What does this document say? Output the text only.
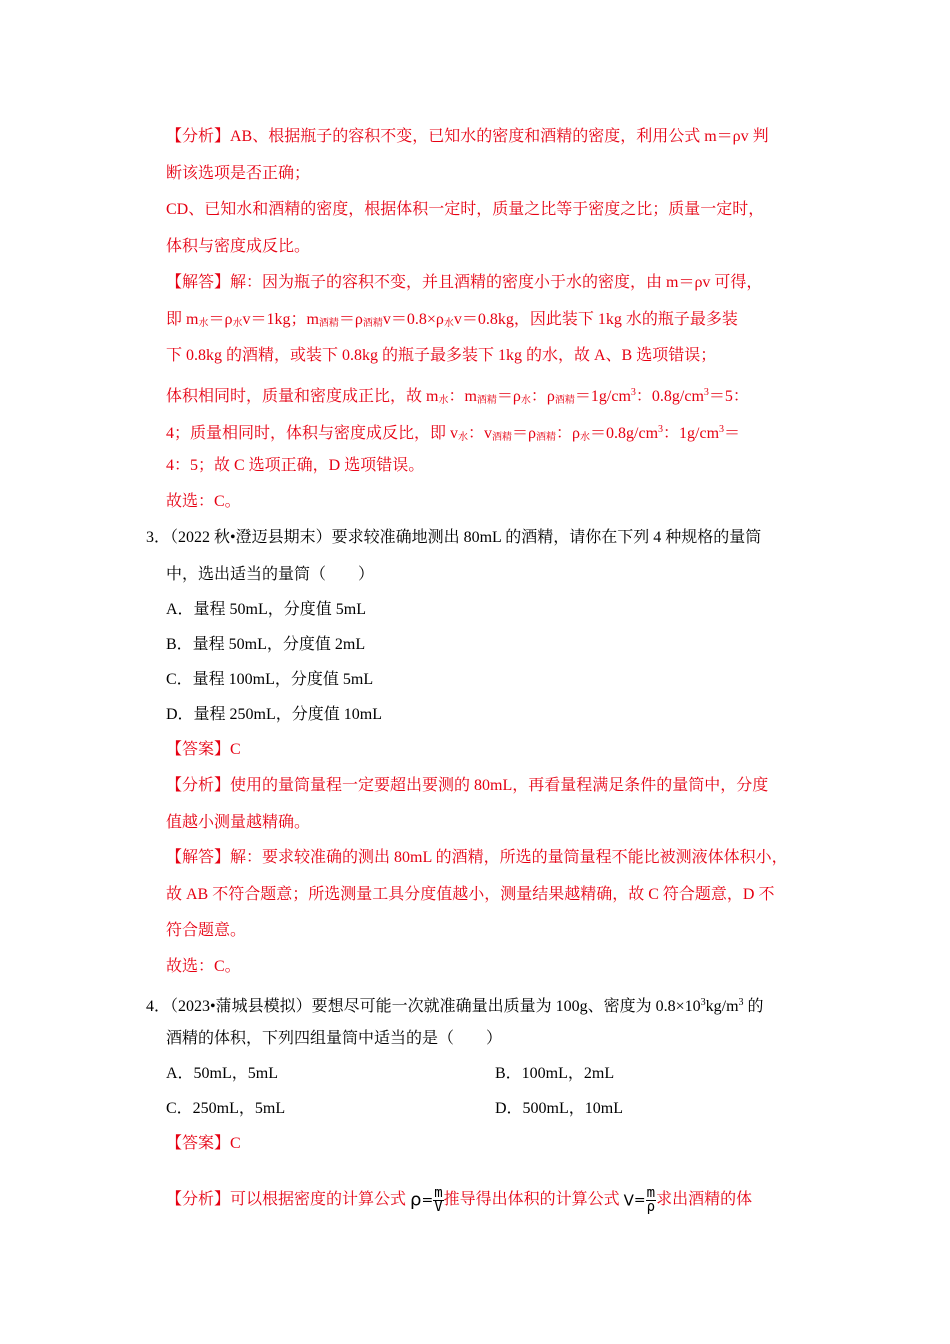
【分析】AB、根据瓶子的容积不变，已知水的密度和酒精的密度，利用公式 m＝ρv 判
断该选项是否正确；
CD、已知水和酒精的密度，根据体积一定时，质量之比等于密度之比；质量一定时，
体积与密度成反比。
【解答】解：因为瓶子的容积不变，并且酒精的密度小于水的密度，由 m＝ρv 可得，
即 $m_水=\rho_水v=1kg$；$m_{酒精}=\rho_{酒精}v=0.8\times\rho_水v=0.8kg$，因此装下 1kg 水的瓶子最多装
下 0.8kg 的酒精，或装下 0.8kg 的瓶子最多装下 1kg 的水，故 A、B 选项错误；
体积相同时，质量和密度成正比，故 $m_水$：$m_{酒精}=\rho_水$：$\rho_{酒精}=1g/cm^3$：$0.8g/cm^3=5$：
4；质量相同时，体积与密度成反比，即 $v_水$：$v_{酒精}=\rho_{酒精}$：$\rho_水=0.8g/cm^3$：$1g/cm^3=$
4：5；故 C 选项正确，D 选项错误。
故选：C。
3．（2022 秋•澄迈县期末）要求较准确地测出 80mL 的酒精，请你在下列 4 种规格的量筒
中，选出适当的量筒（　　）
A．量程 50mL，分度值 5mL
B．量程 50mL，分度值 2mL
C．量程 100mL，分度值 5mL
D．量程 250mL，分度值 10mL
【答案】C
【分析】使用的量筒量程一定要超出要测的 80mL，再看量程满足条件的量筒中，分度
值越小测量越精确。
【解答】解：要求较准确的测出 80mL 的酒精，所选的量筒量程不能比被测液体体积小，
故 AB 不符合题意；所选测量工具分度值越小，测量结果越精确，故 C 符合题意，D 不
符合题意。
故选：C。
4．（2023•蒲城县模拟）要想尽可能一次就准确量出质量为 100g、密度为 $0.8\times 10^3kg/m^3$ 的
酒精的体积，下列四组量筒中适当的是（　　）
A．50mL，5mL	B．100mL，2mL
C．250mL，5mL	D．500mL，10mL
【答案】C
【分析】可以根据密度的计算公式 $\rho= \frac{m}{V}$ 推导得出体积的计算公式 $V= \frac{m}{\rho}$ 求出酒精的体
